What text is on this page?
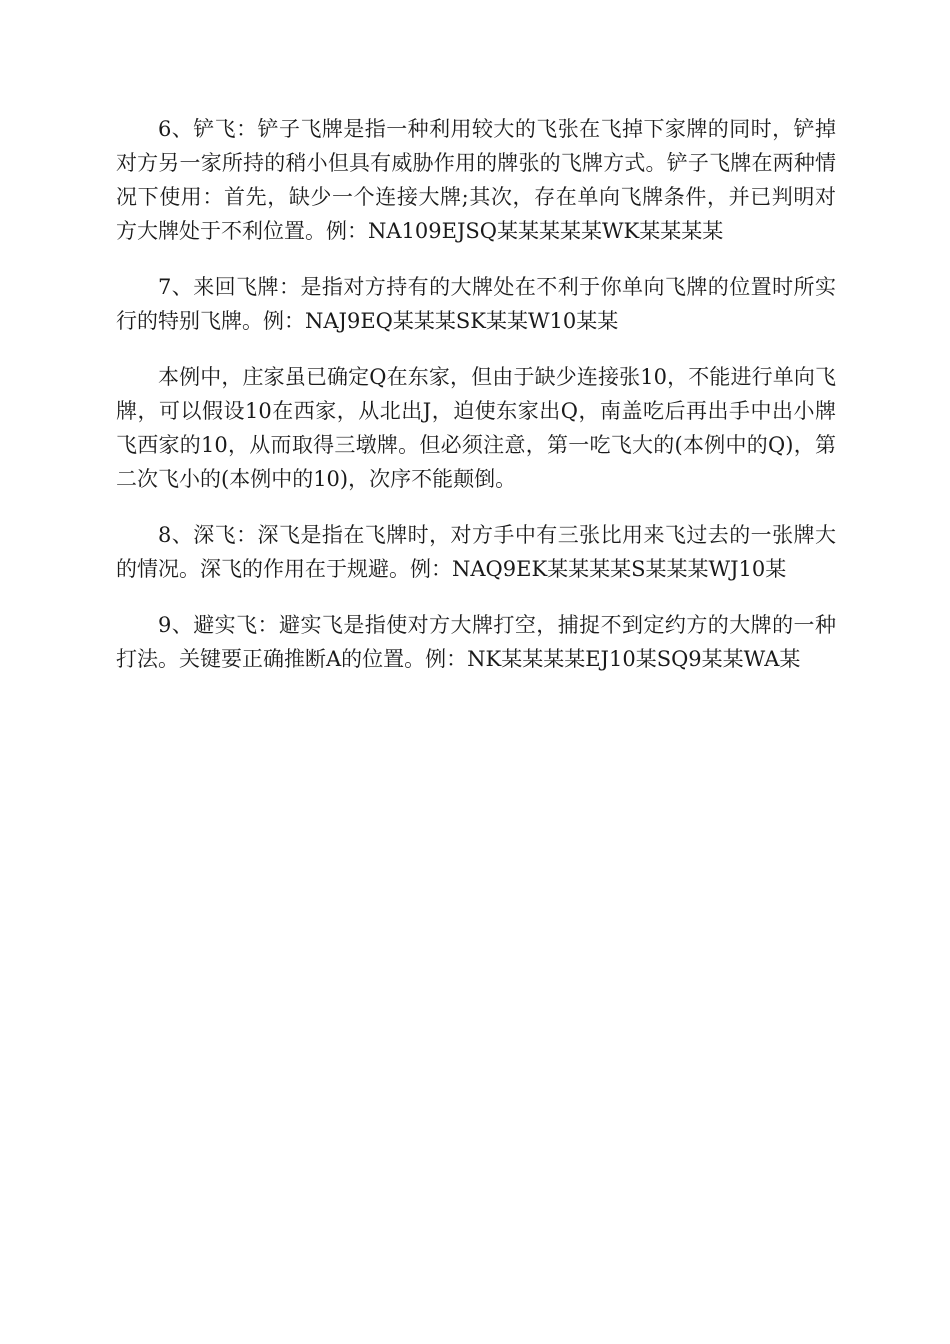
6、铲飞：铲子飞牌是指一种利用较大的飞张在飞掉下家牌的同时，铲掉对方另一家所持的稍小但具有威胁作用的牌张的飞牌方式。铲子飞牌在两种情况下使用：首先，缺少一个连接大牌;其次，存在单向飞牌条件，并已判明对方大牌处于不利位置。例：NA109EJSQ某某某某某WK某某某某

7、来回飞牌：是指对方持有的大牌处在不利于你单向飞牌的位置时所实行的特别飞牌。例：NAJ9EQ某某某SK某某W10某某

本例中，庄家虽已确定Q在东家，但由于缺少连接张10，不能进行单向飞牌，可以假设10在西家，从北出J，迫使东家出Q，南盖吃后再出手中出小牌飞西家的10，从而取得三墩牌。但必须注意，第一吃飞大的(本例中的Q)，第二次飞小的(本例中的10)，次序不能颠倒。

8、深飞：深飞是指在飞牌时，对方手中有三张比用来飞过去的一张牌大的情况。深飞的作用在于规避。例：NAQ9EK某某某某S某某某WJ10某

9、避实飞：避实飞是指使对方大牌打空，捕捉不到定约方的大牌的一种打法。关键要正确推断A的位置。例：NK某某某某EJ10某SQ9某某WA某
